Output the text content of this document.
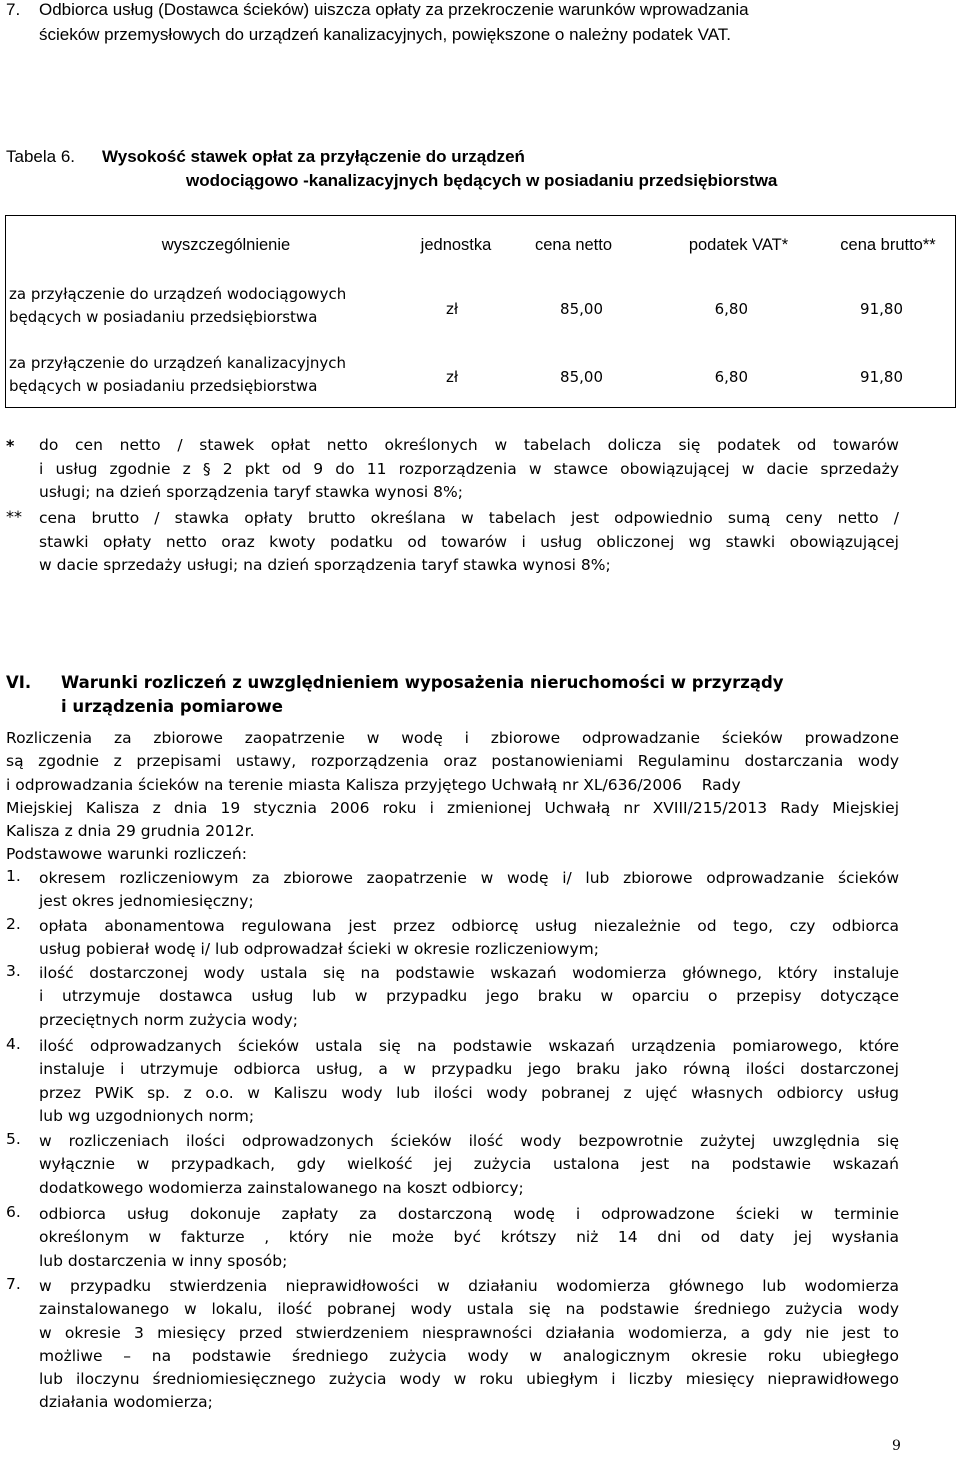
7. Odbiorca usług (Dostawca ścieków) uiszcza opłaty za przekroczenie warunków wprowadzania
ścieków przemysłowych do urządzeń kanalizacyjnych, powiększone o należny podatek VAT.
Tabela 6. Wysokość stawek opłat za przyłączenie do urządzeń
wodociągowo -kanalizacyjnych będących w posiadaniu przedsiębiorstwa
wyszczególnienie	jednostka	cena netto	podatek VAT*	cena brutto**
za przyłączenie do urządzeń wodociągowych
będących w posiadaniu przedsiębiorstwa	zł	85,00	6,80	91,80
za przyłączenie do urządzeń kanalizacyjnych
będących w posiadaniu przedsiębiorstwa	zł	85,00	6,80	91,80
* do cen netto / stawek opłat netto określonych w tabelach dolicza się podatek od towarów
i usług zgodnie z § 2 pkt od 9 do 11 rozporządzenia w stawce obowiązującej w dacie sprzedaży
usługi; na dzień sporządzenia taryf stawka wynosi 8%;
** cena brutto / stawka opłaty brutto określana w tabelach jest odpowiednio sumą ceny netto /
stawki opłaty netto oraz kwoty podatku od towarów i usług obliczonej wg stawki obowiązującej
w dacie sprzedaży usługi; na dzień sporządzenia taryf stawka wynosi 8%;
VI. Warunki rozliczeń z uwzględnieniem wyposażenia nieruchomości w przyrządy
i urządzenia pomiarowe
Rozliczenia za zbiorowe zaopatrzenie w wodę i zbiorowe odprowadzanie ścieków prowadzone
są zgodnie z przepisami ustawy, rozporządzenia oraz postanowieniami Regulaminu dostarczania wody
i odprowadzania ścieków na terenie miasta Kalisza przyjętego Uchwałą nr XL/636/2006    Rady
Miejskiej Kalisza z dnia 19 stycznia 2006 roku i zmienionej Uchwałą nr XVIII/215/2013 Rady Miejskiej
Kalisza z dnia 29 grudnia 2012r.
Podstawowe warunki rozliczeń:
1. okresem rozliczeniowym za zbiorowe zaopatrzenie w wodę i/ lub zbiorowe odprowadzanie ścieków
jest okres jednomiesięczny;
2. opłata abonamentowa regulowana jest przez odbiorcę usług niezależnie od tego, czy odbiorca
usług pobierał wodę i/ lub odprowadzał ścieki w okresie rozliczeniowym;
3. ilość dostarczonej wody ustala się na podstawie wskazań wodomierza głównego, który instaluje
i utrzymuje dostawca usług lub w przypadku jego braku w oparciu o przepisy dotyczące
przeciętnych norm zużycia wody;
4. ilość odprowadzanych ścieków ustala się na podstawie wskazań urządzenia pomiarowego, które
instaluje i utrzymuje odbiorca usług, a w przypadku jego braku jako równą ilości dostarczonej
przez PWiK sp. z o.o. w Kaliszu wody lub ilości wody pobranej z ujęć własnych odbiorcy usług
lub wg uzgodnionych norm;
5. w rozliczeniach ilości odprowadzonych ścieków ilość wody bezpowrotnie zużytej uwzględnia się
wyłącznie w przypadkach, gdy wielkość jej zużycia ustalona jest na podstawie wskazań
dodatkowego wodomierza zainstalowanego na koszt odbiorcy;
6. odbiorca usług dokonuje zapłaty za dostarczoną wodę i odprowadzone ścieki w terminie
określonym w fakturze , który nie może być krótszy niż 14 dni od daty jej wysłania
lub dostarczenia w inny sposób;
7. w przypadku stwierdzenia nieprawidłowości w działaniu wodomierza głównego lub wodomierza
zainstalowanego w lokalu, ilość pobranej wody ustala się na podstawie średniego zużycia wody
w okresie 3 miesięcy przed stwierdzeniem niesprawności działania wodomierza, a gdy nie jest to
możliwe – na podstawie średniego zużycia wody w analogicznym okresie roku ubiegłego
lub iloczynu średniomiesięcznego zużycia wody w roku ubiegłym i liczby miesięcy nieprawidłowego
działania wodomierza;
9
